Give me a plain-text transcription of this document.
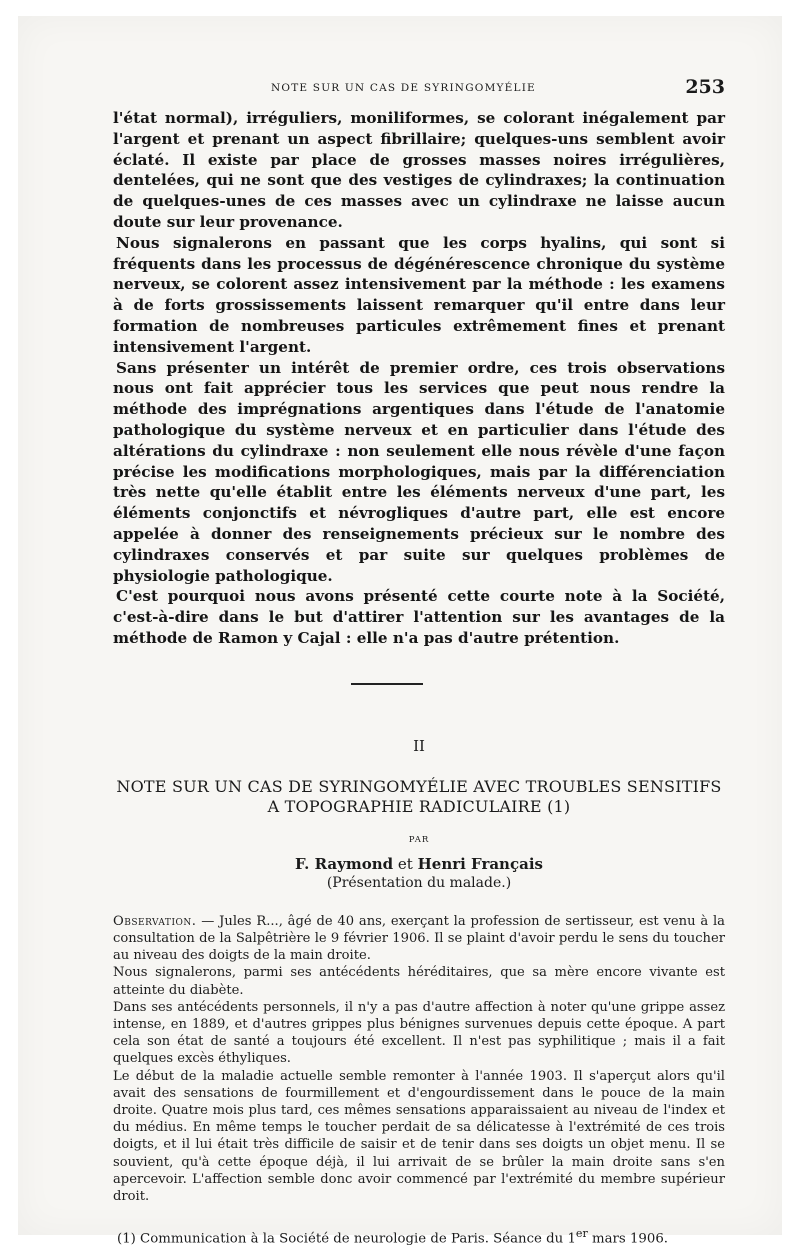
NOTE SUR UN CAS DE SYRINGOMYÉLIE	253

l'état normal), irréguliers, moniliformes, se colorant inégalement par l'argent et prenant un aspect fibrillaire; quelques-uns semblent avoir éclaté. Il existe par place de grosses masses noires irrégulières, dentelées, qui ne sont que des vestiges de cylindraxes; la continuation de quelques-unes de ces masses avec un cylindraxe ne laisse aucun doute sur leur provenance.

Nous signalerons en passant que les corps hyalins, qui sont si fréquents dans les processus de dégénérescence chronique du système nerveux, se colorent assez intensivement par la méthode : les examens à de forts grossissements laissent remarquer qu'il entre dans leur formation de nombreuses particules extrêmement fines et prenant intensivement l'argent.

Sans présenter un intérêt de premier ordre, ces trois observations nous ont fait apprécier tous les services que peut nous rendre la méthode des imprégnations argentiques dans l'étude de l'anatomie pathologique du système nerveux et en particulier dans l'étude des altérations du cylindraxe : non seulement elle nous révèle d'une façon précise les modifications morphologiques, mais par la différenciation très nette qu'elle établit entre les éléments nerveux d'une part, les éléments conjonctifs et névrogliques d'autre part, elle est encore appelée à donner des renseignements précieux sur le nombre des cylindraxes conservés et par suite sur quelques problèmes de physiologie pathologique.

C'est pourquoi nous avons présenté cette courte note à la Société, c'est-à-dire dans le but d'attirer l'attention sur les avantages de la méthode de Ramon y Cajal : elle n'a pas d'autre prétention.

II
NOTE SUR UN CAS DE SYRINGOMYÉLIE AVEC TROUBLES SENSITIFS
A TOPOGRAPHIE RADICULAIRE (1)
PAR
F. Raymond et Henri Français
(Présentation du malade.)

Observation. — Jules R..., âgé de 40 ans, exerçant la profession de sertisseur, est venu à la consultation de la Salpêtrière le 9 février 1906. Il se plaint d'avoir perdu le sens du toucher au niveau des doigts de la main droite.

Nous signalerons, parmi ses antécédents héréditaires, que sa mère encore vivante est atteinte du diabète.

Dans ses antécédents personnels, il n'y a pas d'autre affection à noter qu'une grippe assez intense, en 1889, et d'autres grippes plus bénignes survenues depuis cette époque. A part cela son état de santé a toujours été excellent. Il n'est pas syphilitique ; mais il a fait quelques excès éthyliques.

Le début de la maladie actuelle semble remonter à l'année 1903. Il s'aperçut alors qu'il avait des sensations de fourmillement et d'engourdissement dans le pouce de la main droite. Quatre mois plus tard, ces mêmes sensations apparaissaient au niveau de l'index et du médius. En même temps le toucher perdait de sa délicatesse à l'extrémité de ces trois doigts, et il lui était très difficile de saisir et de tenir dans ses doigts un objet menu. Il se souvient, qu'à cette époque déjà, il lui arrivait de se brûler la main droite sans s'en apercevoir. L'affection semble donc avoir commencé par l'extrémité du membre supérieur droit.

(1) Communication à la Société de neurologie de Paris. Séance du 1er mars 1906.
